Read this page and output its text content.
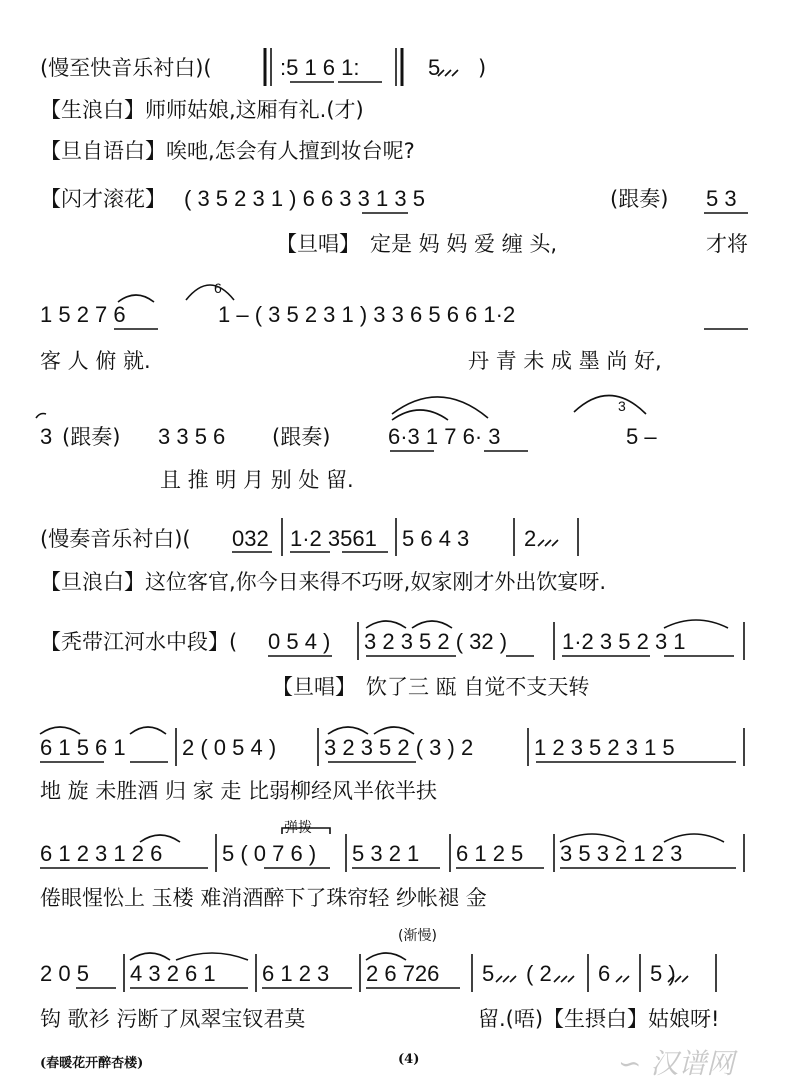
(慢至快音乐衬白)(	:5 1 6 1:	5 )
【生浪白】师师姑娘,这厢有礼.(才)
【旦自语白】唉吔,怎会有人擅到妆台呢?
【闪才滚花】 ( 3 5 2 3 1 ) 6 6 3 3 1 3 5	(跟奏) 5 3
【旦唱】 定是 妈 妈 爱 缠 头,	才将
1 5 2 7 6
6
1 – ( 3 5 2 3 1 ) 3 3 6 5 6 6 1·2
客 人 俯 就.	丹 青 未 成 墨 尚 好,
3 (跟奏) 3 3 5 6 (跟奏)	6·3 1 7 6· 3
3
5 –
且 推 明 月 别 处 留.
(慢奏音乐衬白)( 032 1·2 3561 5 6 4 3 2
【旦浪白】这位客官,你今日来得不巧呀,奴家刚才外出饮宴呀.
【秃带江河水中段】( 0 5 4 ) 3 2 3 5 2 ( 32 ) 1·2 3 5 2 3 1
【旦唱】 饮了三 瓯 自觉不支天转
6 1 5 6 1	2 ( 0 5 4 ) 3 2 3 5 2 ( 3 ) 2	1 2 3 5 2 3 1 5
地 旋 未胜酒 归 家 走 比弱柳经风半依半扶
弹拨
6 1 2 3 1 2 6	5 ( 0 7 6 ) 5 3 2 1 6 1 2 5 3 5 3 2 1 2 3
倦眼惺忪上 玉楼 难消酒醉下了珠帘轻 纱帐褪 金
(渐慢)
2 0 5 4 3 2 6 1 6 1 2 3 2 6 726 5 ( 2 6 5 )
钩 歌衫 污断了凤翠宝钗君莫	留.(唔)【生摂白】姑娘呀!
(春暖花开醉杏楼)	(4)	∽ 汉谱网
